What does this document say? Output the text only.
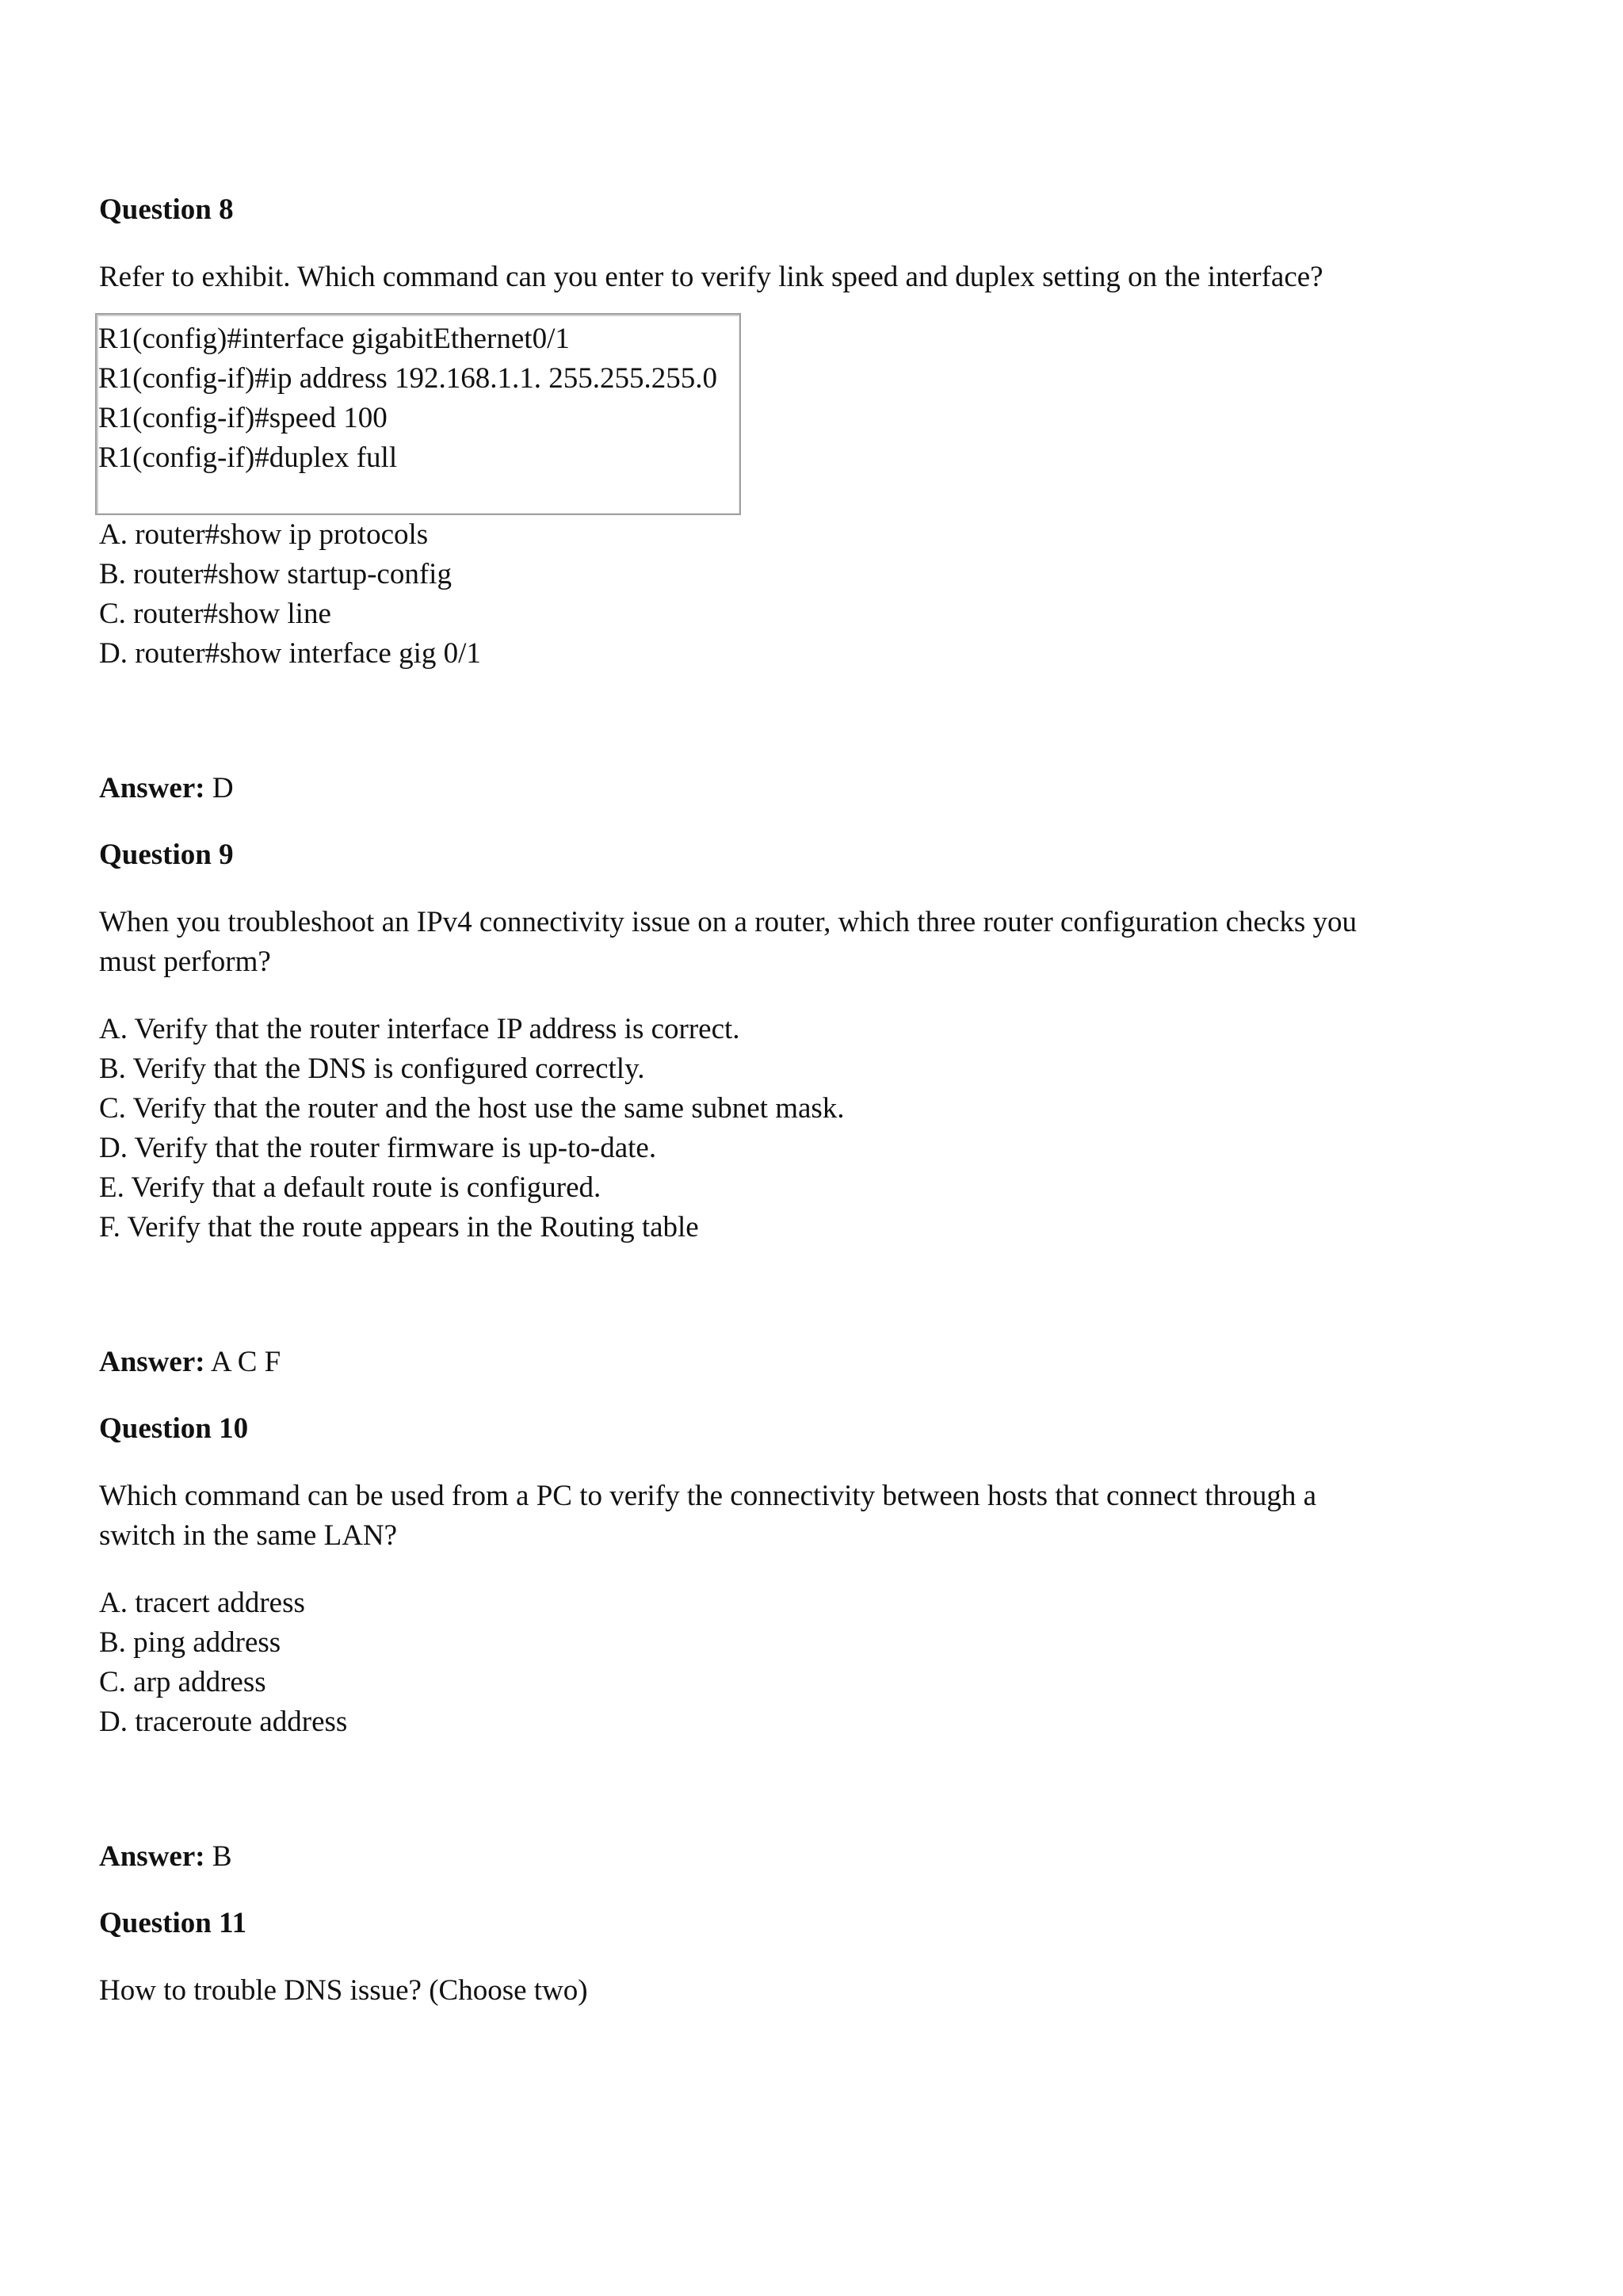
Question 8

Refer to exhibit. Which command can you enter to verify link speed and duplex setting on the interface?

R1(config)#interface gigabitEthernet0/1
R1(config-if)#ip address 192.168.1.1. 255.255.255.0
R1(config-if)#speed 100
R1(config-if)#duplex full
A. router#show ip protocols
B. router#show startup-config
C. router#show line
D. router#show interface gig 0/1

Answer: D

Question 9

When you troubleshoot an IPv4 connectivity issue on a router, which three router configuration checks you

must perform?

A. Verify that the router interface IP address is correct.
B. Verify that the DNS is configured correctly.
C. Verify that the router and the host use the same subnet mask.
D. Verify that the router firmware is up-to-date.
E. Verify that a default route is configured.
F. Verify that the route appears in the Routing table

Answer: A C F

Question 10

Which command can be used from a PC to verify the connectivity between hosts that connect through a

switch in the same LAN?

A. tracert address
B. ping address
C. arp address
D. traceroute address

Answer: B

Question 11

How to trouble DNS issue? (Choose two)
